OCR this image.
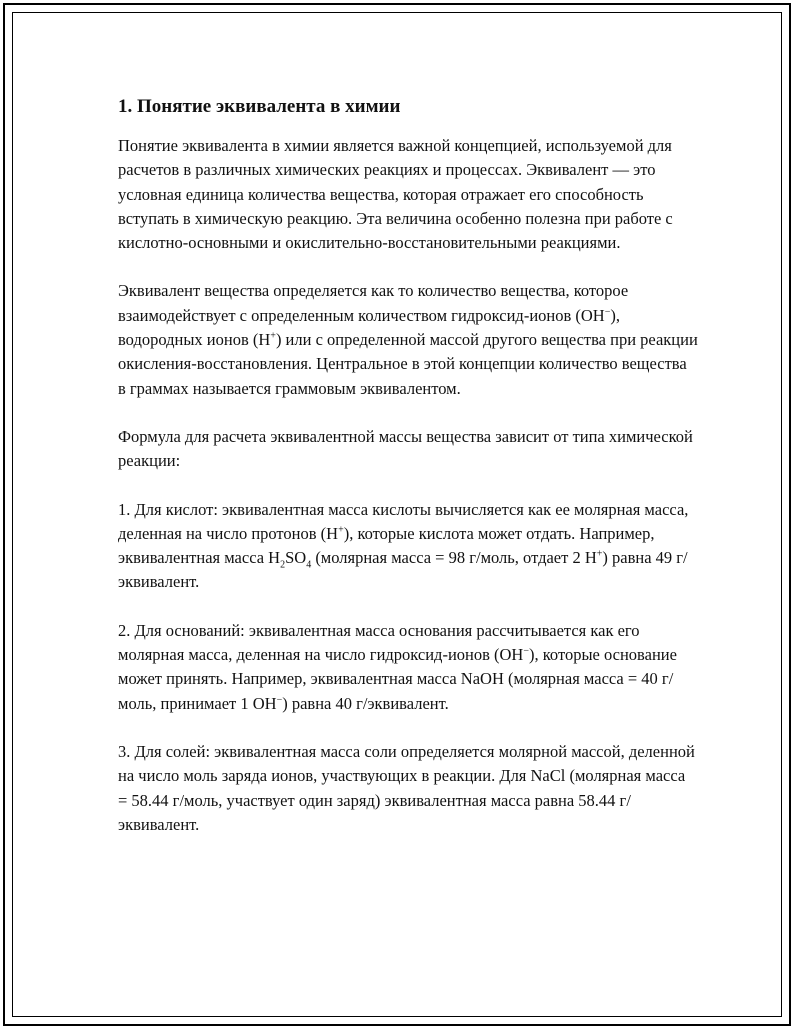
1. Понятие эквивалента в химии

Понятие эквивалента в химии является важной концепцией, используемой для расчетов в различных химических реакциях и процессах. Эквивалент — это условная единица количества вещества, которая отражает его способность вступать в химическую реакцию. Эта величина особенно полезна при работе с кислотно-основными и окислительно-восстановительными реакциями.

Эквивалент вещества определяется как то количество вещества, которое взаимодействует с определенным количеством гидроксид-ионов (OH−), водородных ионов (H+) или с определенной массой другого вещества при реакции окисления-восстановления. Центральное в этой концепции количество вещества в граммах называется граммовым эквивалентом.

Формула для расчета эквивалентной массы вещества зависит от типа химической реакции:

1. Для кислот: эквивалентная масса кислоты вычисляется как ее молярная масса, деленная на число протонов (H+), которые кислота может отдать. Например, эквивалентная масса $H_2SO_4$ (молярная масса = 98 г/моль, отдает 2 H+) равна 49 г/эквивалент.

2. Для оснований: эквивалентная масса основания рассчитывается как его молярная масса, деленная на число гидроксид-ионов (OH−), которые основание может принять. Например, эквивалентная масса NaOH (молярная масса = 40 г/моль, принимает 1 OH−) равна 40 г/эквивалент.

3. Для солей: эквивалентная масса соли определяется молярной массой, деленной на число моль заряда ионов, участвующих в реакции. Для NaCl (молярная масса = 58.44 г/моль, участвует один заряд) эквивалентная масса равна 58.44 г/эквивалент.
